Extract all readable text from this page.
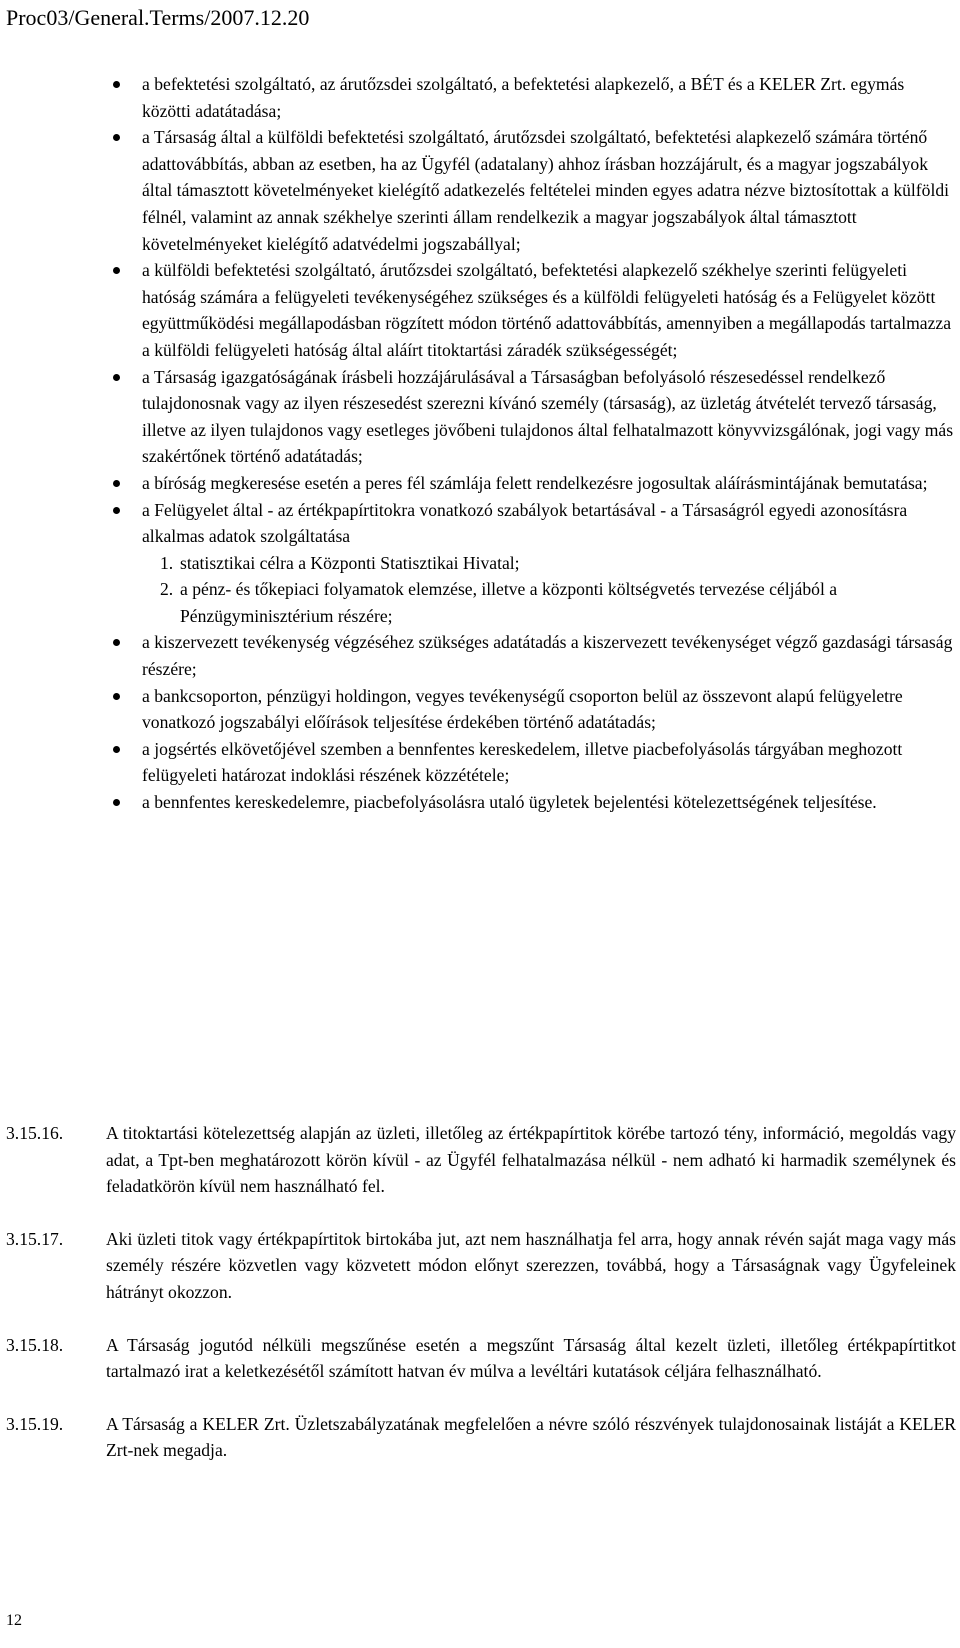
Proc03/General.Terms/2007.12.20
a befektetési szolgáltató, az árutőzsdei szolgáltató, a befektetési alapkezelő, a BÉT és a KELER Zrt. egymás közötti adatátadása;
a Társaság által a külföldi befektetési szolgáltató, árutőzsdei szolgáltató, befektetési alapkezelő számára történő adattovábbítás, abban az esetben, ha az Ügyfél (adatalany) ahhoz írásban hozzájárult, és a magyar jogszabályok által támasztott követelményeket kielégítő adatkezelés feltételei minden egyes adatra nézve biztosítottak a külföldi félnél, valamint az annak székhelye szerinti állam rendelkezik a magyar jogszabályok által támasztott követelményeket kielégítő adatvédelmi jogszabállyal;
a külföldi befektetési szolgáltató, árutőzsdei szolgáltató, befektetési alapkezelő székhelye szerinti felügyeleti hatóság számára a felügyeleti tevékenységéhez szükséges és a külföldi felügyeleti hatóság és a Felügyelet között együttműködési megállapodásban rögzített módon történő adattovábbítás, amennyiben a megállapodás tartalmazza a külföldi felügyeleti hatóság által aláírt titoktartási záradék szükségességét;
a Társaság igazgatóságának írásbeli hozzájárulásával a Társaságban befolyásoló részesedéssel rendelkező tulajdonosnak vagy az ilyen részesedést szerezni kívánó személy (társaság), az üzletág átvételét tervező társaság, illetve az ilyen tulajdonos vagy esetleges jövőbeni tulajdonos által felhatalmazott könyvvizsgálónak, jogi vagy más szakértőnek történő adatátadás;
a bíróság megkeresése esetén a peres fél számlája felett rendelkezésre jogosultak aláírásmintájának bemutatása;
a Felügyelet által - az értékpapírtitokra vonatkozó szabályok betartásával - a Társaságról egyedi azonosításra alkalmas adatok szolgáltatása
1. statisztikai célra a Központi Statisztikai Hivatal;
2. a pénz- és tőkepiaci folyamatok elemzése, illetve a központi költségvetés tervezése céljából a Pénzügyminisztérium részére;
a kiszervezett tevékenység végzéséhez szükséges adatátadás a kiszervezett tevékenységet végző gazdasági társaság részére;
a bankcsoporton, pénzügyi holdingon, vegyes tevékenységű csoporton belül az összevont alapú felügyeletre vonatkozó jogszabályi előírások teljesítése érdekében történő adatátadás;
a jogsértés elkövetőjével szemben a bennfentes kereskedelem, illetve piacbefolyásolás tárgyában meghozott felügyeleti határozat indoklási részének közzététele;
a bennfentes kereskedelemre, piacbefolyásolásra utaló ügyletek bejelentési kötelezettségének teljesítése.
3.15.16. A titoktartási kötelezettség alapján az üzleti, illetőleg az értékpapírtitok körébe tartozó tény, információ, megoldás vagy adat, a Tpt-ben meghatározott körön kívül - az Ügyfél felhatalmazása nélkül - nem adható ki harmadik személynek és feladatkörön kívül nem használható fel.
3.15.17. Aki üzleti titok vagy értékpapírtitok birtokába jut, azt nem használhatja fel arra, hogy annak révén saját maga vagy más személy részére közvetlen vagy közvetett módon előnyt szerezzen, továbbá, hogy a Társaságnak vagy Ügyfeleinek hátrányt okozzon.
3.15.18. A Társaság jogutód nélküli megszűnése esetén a megszűnt Társaság által kezelt üzleti, illetőleg értékpapírtitkot tartalmazó irat a keletkezésétől számított hatvan év múlva a levéltári kutatások céljára felhasználható.
3.15.19. A Társaság a KELER Zrt. Üzletszabályzatának megfelelően a névre szóló részvények tulajdonosainak listáját a KELER Zrt-nek megadja.
12
